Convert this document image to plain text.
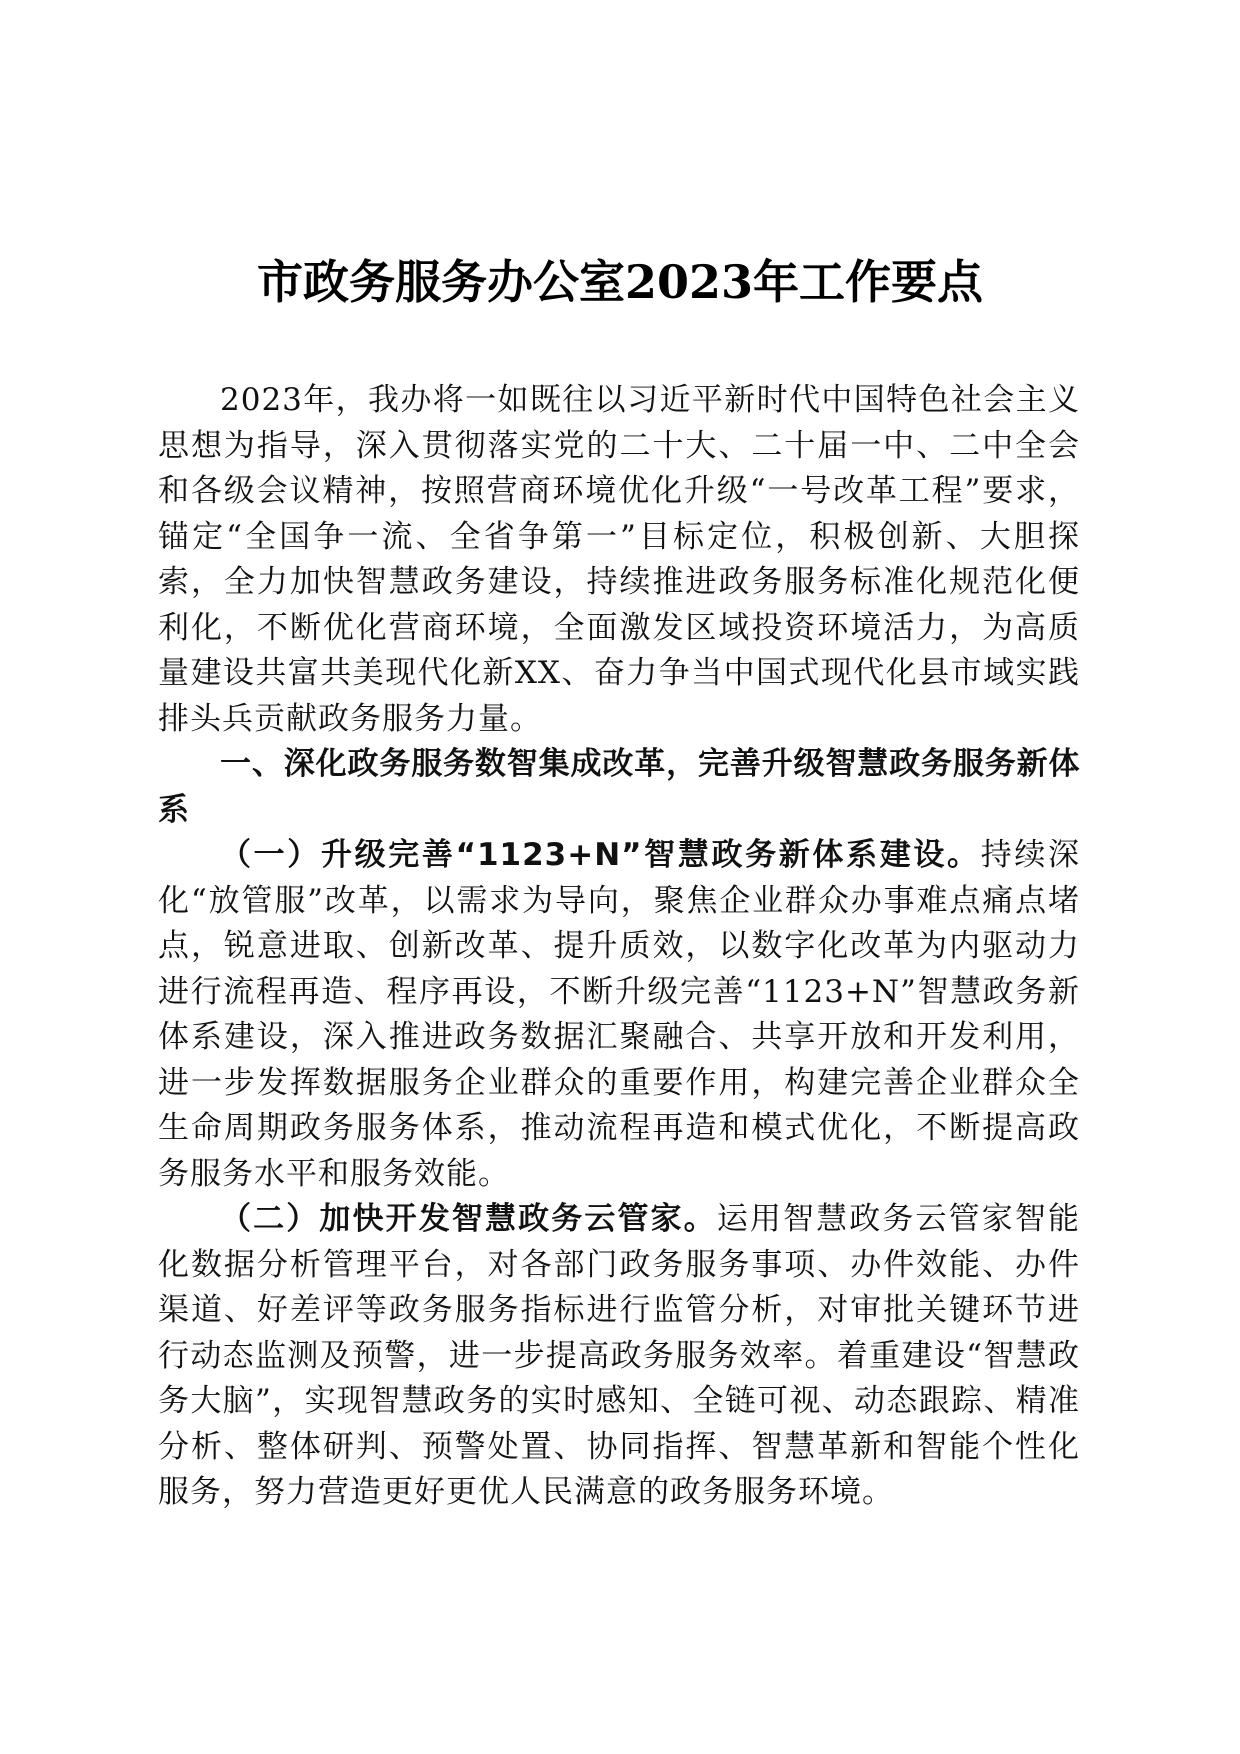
市政务服务办公室2023年工作要点

2023年，我办将一如既往以习近平新时代中国特色社会主义思想为指导，深入贯彻落实党的二十大、二十届一中、二中全会和各级会议精神，按照营商环境优化升级“一号改革工程”要求，锚定“全国争一流、全省争第一”目标定位，积极创新、大胆探索，全力加快智慧政务建设，持续推进政务服务标准化规范化便利化，不断优化营商环境，全面激发区域投资环境活力，为高质量建设共富共美现代化新XX、奋力争当中国式现代化县市域实践排头兵贡献政务服务力量。

一、深化政务服务数智集成改革，完善升级智慧政务服务新体系

（一）升级完善“1123+N”智慧政务新体系建设。持续深化“放管服”改革，以需求为导向，聚焦企业群众办事难点痛点堵点，锐意进取、创新改革、提升质效，以数字化改革为内驱动力进行流程再造、程序再设，不断升级完善“1123+N”智慧政务新体系建设，深入推进政务数据汇聚融合、共享开放和开发利用，进一步发挥数据服务企业群众的重要作用，构建完善企业群众全生命周期政务服务体系，推动流程再造和模式优化，不断提高政务服务水平和服务效能。

（二）加快开发智慧政务云管家。运用智慧政务云管家智能化数据分析管理平台，对各部门政务服务事项、办件效能、办件渠道、好差评等政务服务指标进行监管分析，对审批关键环节进行动态监测及预警，进一步提高政务服务效率。着重建设“智慧政务大脑”，实现智慧政务的实时感知、全链可视、动态跟踪、精准分析、整体研判、预警处置、协同指挥、智慧革新和智能个性化服务，努力营造更好更优人民满意的政务服务环境。
